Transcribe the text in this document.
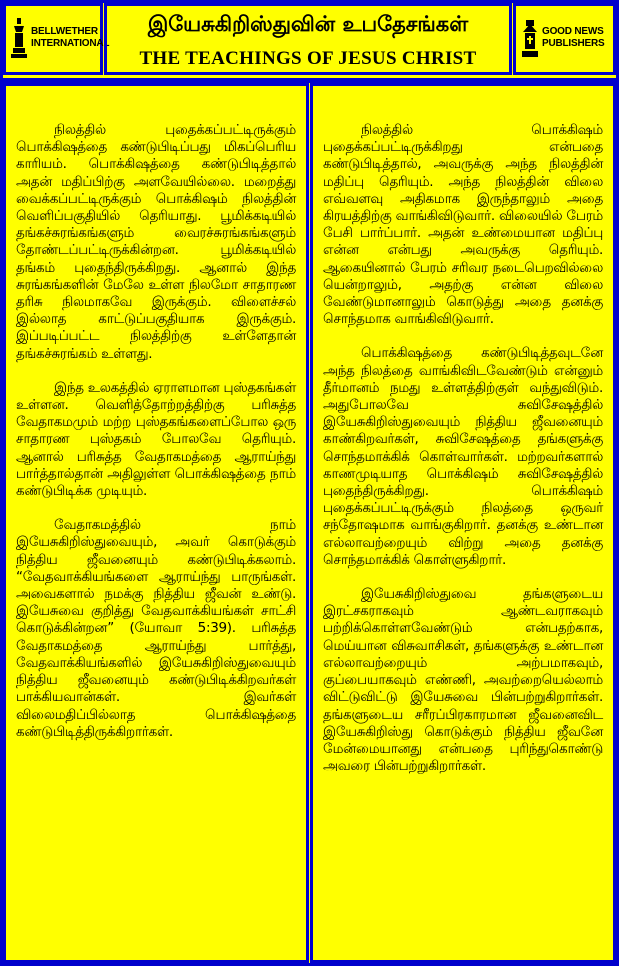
BELLWETHER
INTERNATIONAL
இயேசுகிறிஸ்துவின் உபதேசங்கள்
THE TEACHINGS OF JESUS CHRIST
GOOD NEWS
PUBLISHERS

நிலத்தில் புதைக்கப்பட்டிருக்கும் பொக்கிஷத்தை கண்டுபிடிப்பது மிகப்பெரிய காரியம். பொக்கிஷத்தை கண்டுபிடித்தால் அதன் மதிப்பிற்கு அளவேயில்லை. மறைத்து வைக்கப்பட்டிருக்கும் பொக்கிஷம் நிலத்தின் வெளிப்பகுதியில் தெரியாது. பூமிக்கடியில் தங்கச்சுரங்கங்களும் வைரச்சுரங்கங்களும் தோண்டப்பட்டிருக்கின்றன. பூமிக்கடியில் தங்கம் புதைந்திருக்கிறது. ஆனால் இந்த சுரங்கங்களின் மேலே உள்ள நிலமோ சாதாரண தரிசு நிலமாகவே இருக்கும். விளைச்சல் இல்லாத காட்டுப்பகுதியாக இருக்கும். இப்படிப்பட்ட நிலத்திற்கு உள்ளேதான் தங்கச்சுரங்கம் உள்ளது.

இந்த உலகத்தில் ஏராளமான புஸ்தகங்கள் உள்ளன. வெளித்தோற்றத்திற்கு பரிசுத்த வேதாகமமும் மற்ற புஸ்தகங்களைப்போல ஒரு சாதாரண புஸ்தகம் போலவே தெரியும். ஆனால் பரிசுத்த வேதாகமத்தை ஆராய்ந்து பார்த்தால்தான் அதிலுள்ள பொக்கிஷத்தை நாம் கண்டுபிடிக்க முடியும்.

வேதாகமத்தில் நாம் இயேசுகிறிஸ்துவையும், அவர் கொடுக்கும் நித்திய ஜீவனையும் கண்டுபிடிக்கலாம். “வேதவாக்கியங்களை ஆராய்ந்து பாருங்கள். அவைகளால் நமக்கு நித்திய ஜீவன் உண்டு. இயேசுவை குறித்து வேதவாக்கியங்கள் சாட்சி கொடுக்கின்றன” (யோவா 5:39). பரிசுத்த வேதாகமத்தை ஆராய்ந்து பார்த்து, வேதவாக்கியங்களில் இயேசுகிறிஸ்துவையும் நித்திய ஜீவனையும் கண்டுபிடிக்கிறவர்கள் பாக்கியவான்கள். இவர்கள் விலைமதிப்பில்லாத பொக்கிஷத்தை கண்டுபிடித்திருக்கிறார்கள்.

நிலத்தில் பொக்கிஷம் புதைக்கப்பட்டிருக்கிறது என்பதை கண்டுபிடித்தால், அவருக்கு அந்த நிலத்தின் மதிப்பு தெரியும். அந்த நிலத்தின் விலை எவ்வளவு அதிகமாக இருந்தாலும் அதை கிரயத்திற்கு வாங்கிவிடுவார். விலையில் பேரம் பேசி பார்ப்பார். அதன் உண்மையான மதிப்பு என்ன என்பது அவருக்கு தெரியும். ஆகையினால் பேரம் சரிவர நடைபெறவில்லை யென்றாலும், அதற்கு என்ன விலை வேண்டுமானாலும் கொடுத்து அதை தனக்கு சொந்தமாக வாங்கிவிடுவார்.

பொக்கிஷத்தை கண்டுபிடித்தவுடனே அந்த நிலத்தை வாங்கிவிடவேண்டும் என்னும் தீர்மானம் நமது உள்ளத்திற்குள் வந்துவிடும். அதுபோலவே சுவிசேஷத்தில் இயேசுகிறிஸ்துவையும் நித்திய ஜீவனையும் காண்கிறவர்கள், சுவிசேஷத்தை தங்களுக்கு சொந்தமாக்கிக் கொள்வார்கள். மற்றவர்களால் காணமுடியாத பொக்கிஷம் சுவிசேஷத்தில் புதைந்திருக்கிறது. பொக்கிஷம் புதைக்கப்பட்டிருக்கும் நிலத்தை ஒருவர் சந்தோஷமாக வாங்குகிறார். தனக்கு உண்டான எல்லாவற்றையும் விற்று அதை தனக்கு சொந்தமாக்கிக் கொள்ளுகிறார்.

இயேசுகிறிஸ்துவை தங்களுடைய இரட்சகராகவும் ஆண்டவராகவும் பற்றிக்கொள்ளவேண்டும் என்பதற்காக, மெய்யான விசுவாசிகள், தங்களுக்கு உண்டான எல்லாவற்றையும் அற்பமாகவும், குப்பையாகவும் எண்ணி, அவற்றையெல்லாம் விட்டுவிட்டு இயேசுவை பின்பற்றுகிறார்கள். தங்களுடைய சரீரப்பிரகாரமான ஜீவனைவிட இயேசுகிறிஸ்து கொடுக்கும் நித்திய ஜீவனே மேன்மையானது என்பதை புரிந்துகொண்டு அவரை பின்பற்றுகிறார்கள்.
